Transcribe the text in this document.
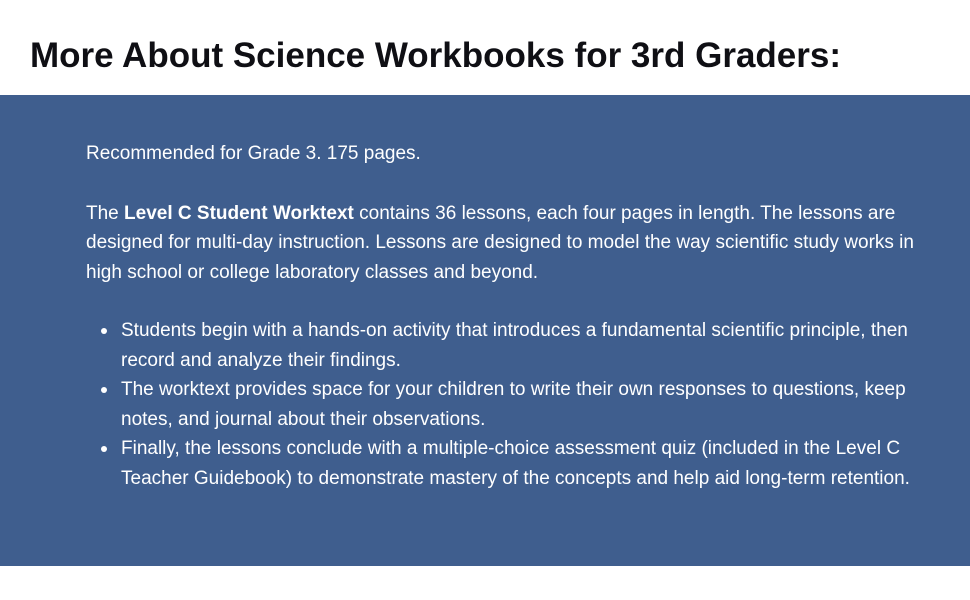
More About Science Workbooks for 3rd Graders:

Recommended for Grade 3. 175 pages.

The Level C Student Worktext contains 36 lessons, each four pages in length. The lessons are designed for multi-day instruction. Lessons are designed to model the way scientific study works in high school or college laboratory classes and beyond.

Students begin with a hands-on activity that introduces a fundamental scientific principle, then record and analyze their findings.
The worktext provides space for your children to write their own responses to questions, keep notes, and journal about their observations.
Finally, the lessons conclude with a multiple-choice assessment quiz (included in the Level C Teacher Guidebook) to demonstrate mastery of the concepts and help aid long-term retention.
